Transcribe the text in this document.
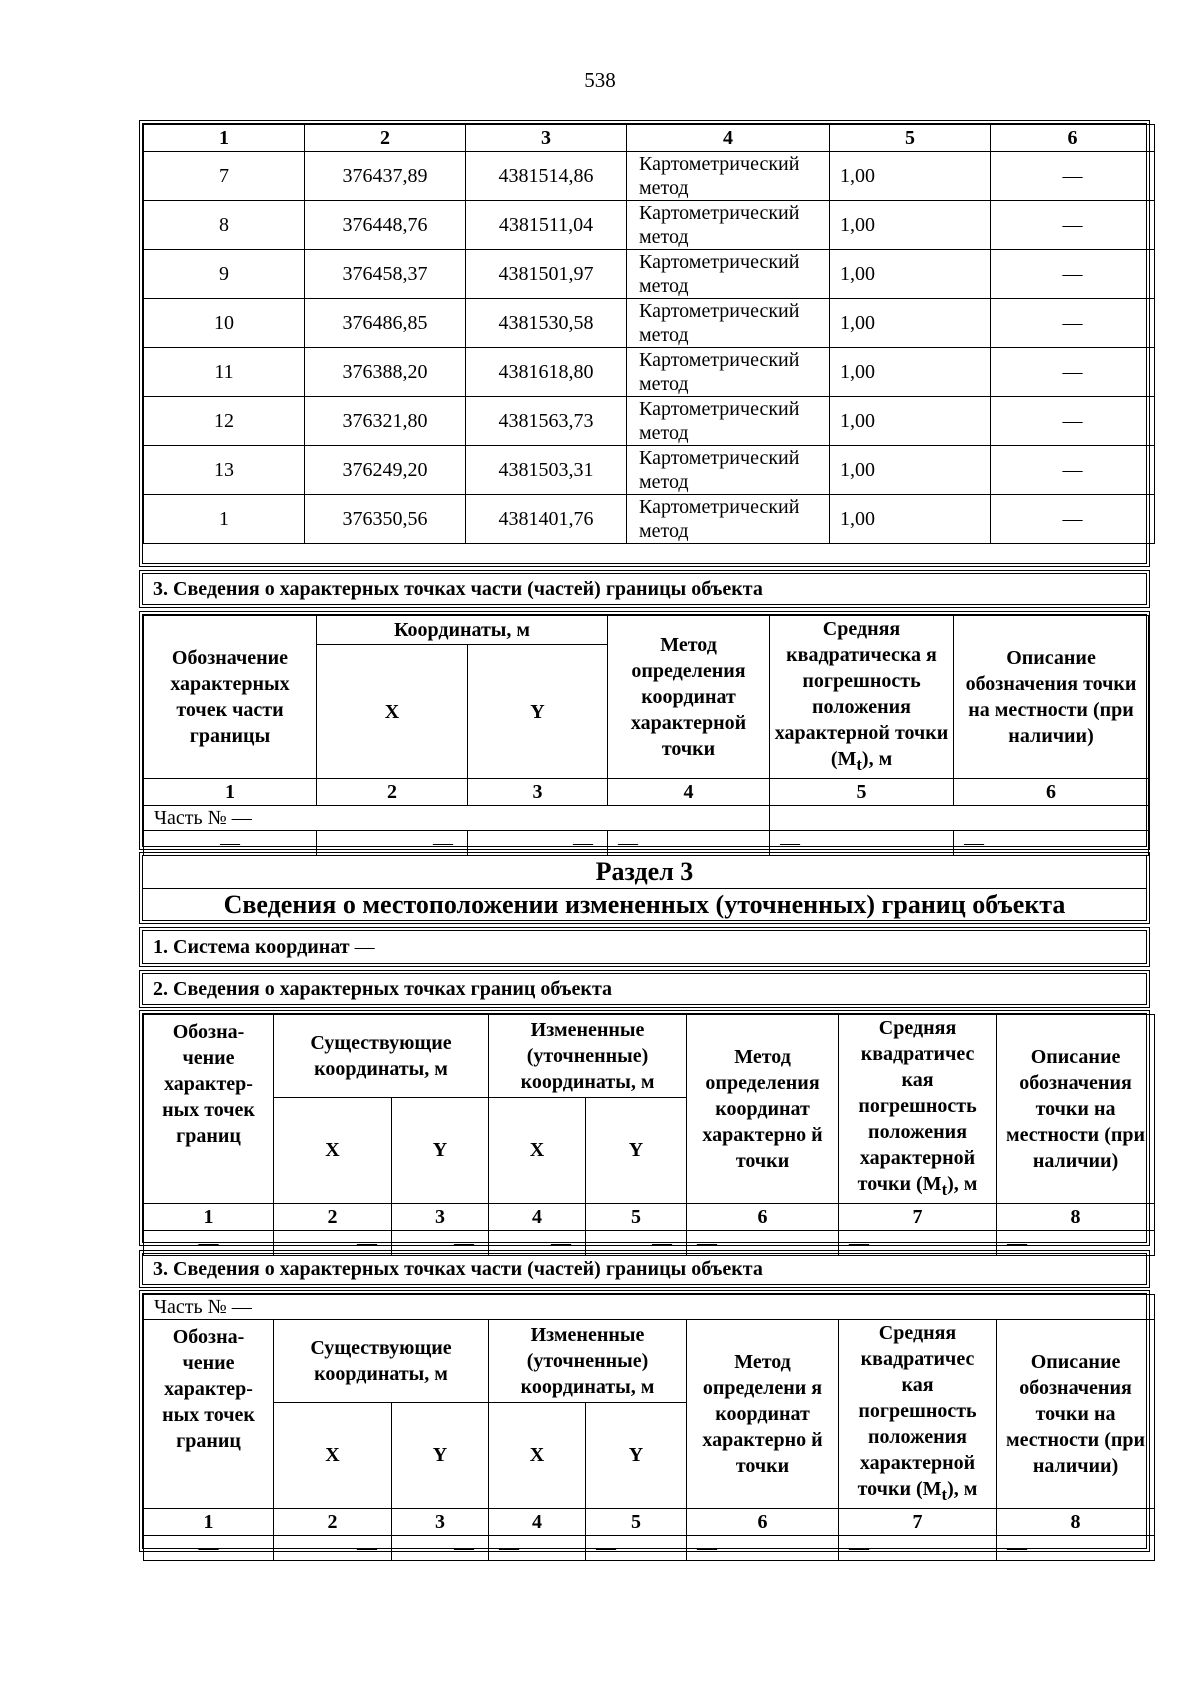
538
1	2	3	4	5	6
7	376437,89	4381514,86	Картометрический метод	1,00	—
8	376448,76	4381511,04	Картометрический метод	1,00	—
9	376458,37	4381501,97	Картометрический метод	1,00	—
10	376486,85	4381530,58	Картометрический метод	1,00	—
11	376388,20	4381618,80	Картометрический метод	1,00	—
12	376321,80	4381563,73	Картометрический метод	1,00	—
13	376249,20	4381503,31	Картометрический метод	1,00	—
1	376350,56	4381401,76	Картометрический метод	1,00	—
3. Сведения о характерных точках части (частей) границы объекта
Обозначение характерных точек части границы	Координаты, м		Метод определения координат характерной точки	Средняя квадратическа я погрешность положения характерной точки $(M_t)$, м	Описание обозначения точки на местности (при наличии)
	X	Y			
1	2	3	4	5	6
Часть № —					
—	—	—	—	—	—
Раздел 3
Сведения о местоположении измененных (уточненных) границ объекта
1. Система координат —
2. Сведения о характерных точках границ объекта
Обозна-чение характер-ных точек границ	Существующие координаты, м		Измененные (уточненные) координаты, м		Метод определения координат характерно й точки	Средняя квадратичес кая погрешность положения характерной точки $(M_t)$, м	Описание обозначения точки на местности (при наличии)
	X	Y	X	Y			
1	2	3	4	5	6	7	8
—	—	—	—	—	—	—	—
3. Сведения о характерных точках части (частей) границы объекта
Часть № —							
Обозна-чение характер-ных точек границ	Существующие координаты, м		Измененные (уточненные) координаты, м		Метод определени я координат характерно й точки	Средняя квадратичес кая погрешность положения характерной точки $(M_t)$, м	Описание обозначения точки на местности (при наличии)
	X	Y	X	Y			
1	2	3	4	5	6	7	8
—	—	—	—	—	—	—	—
